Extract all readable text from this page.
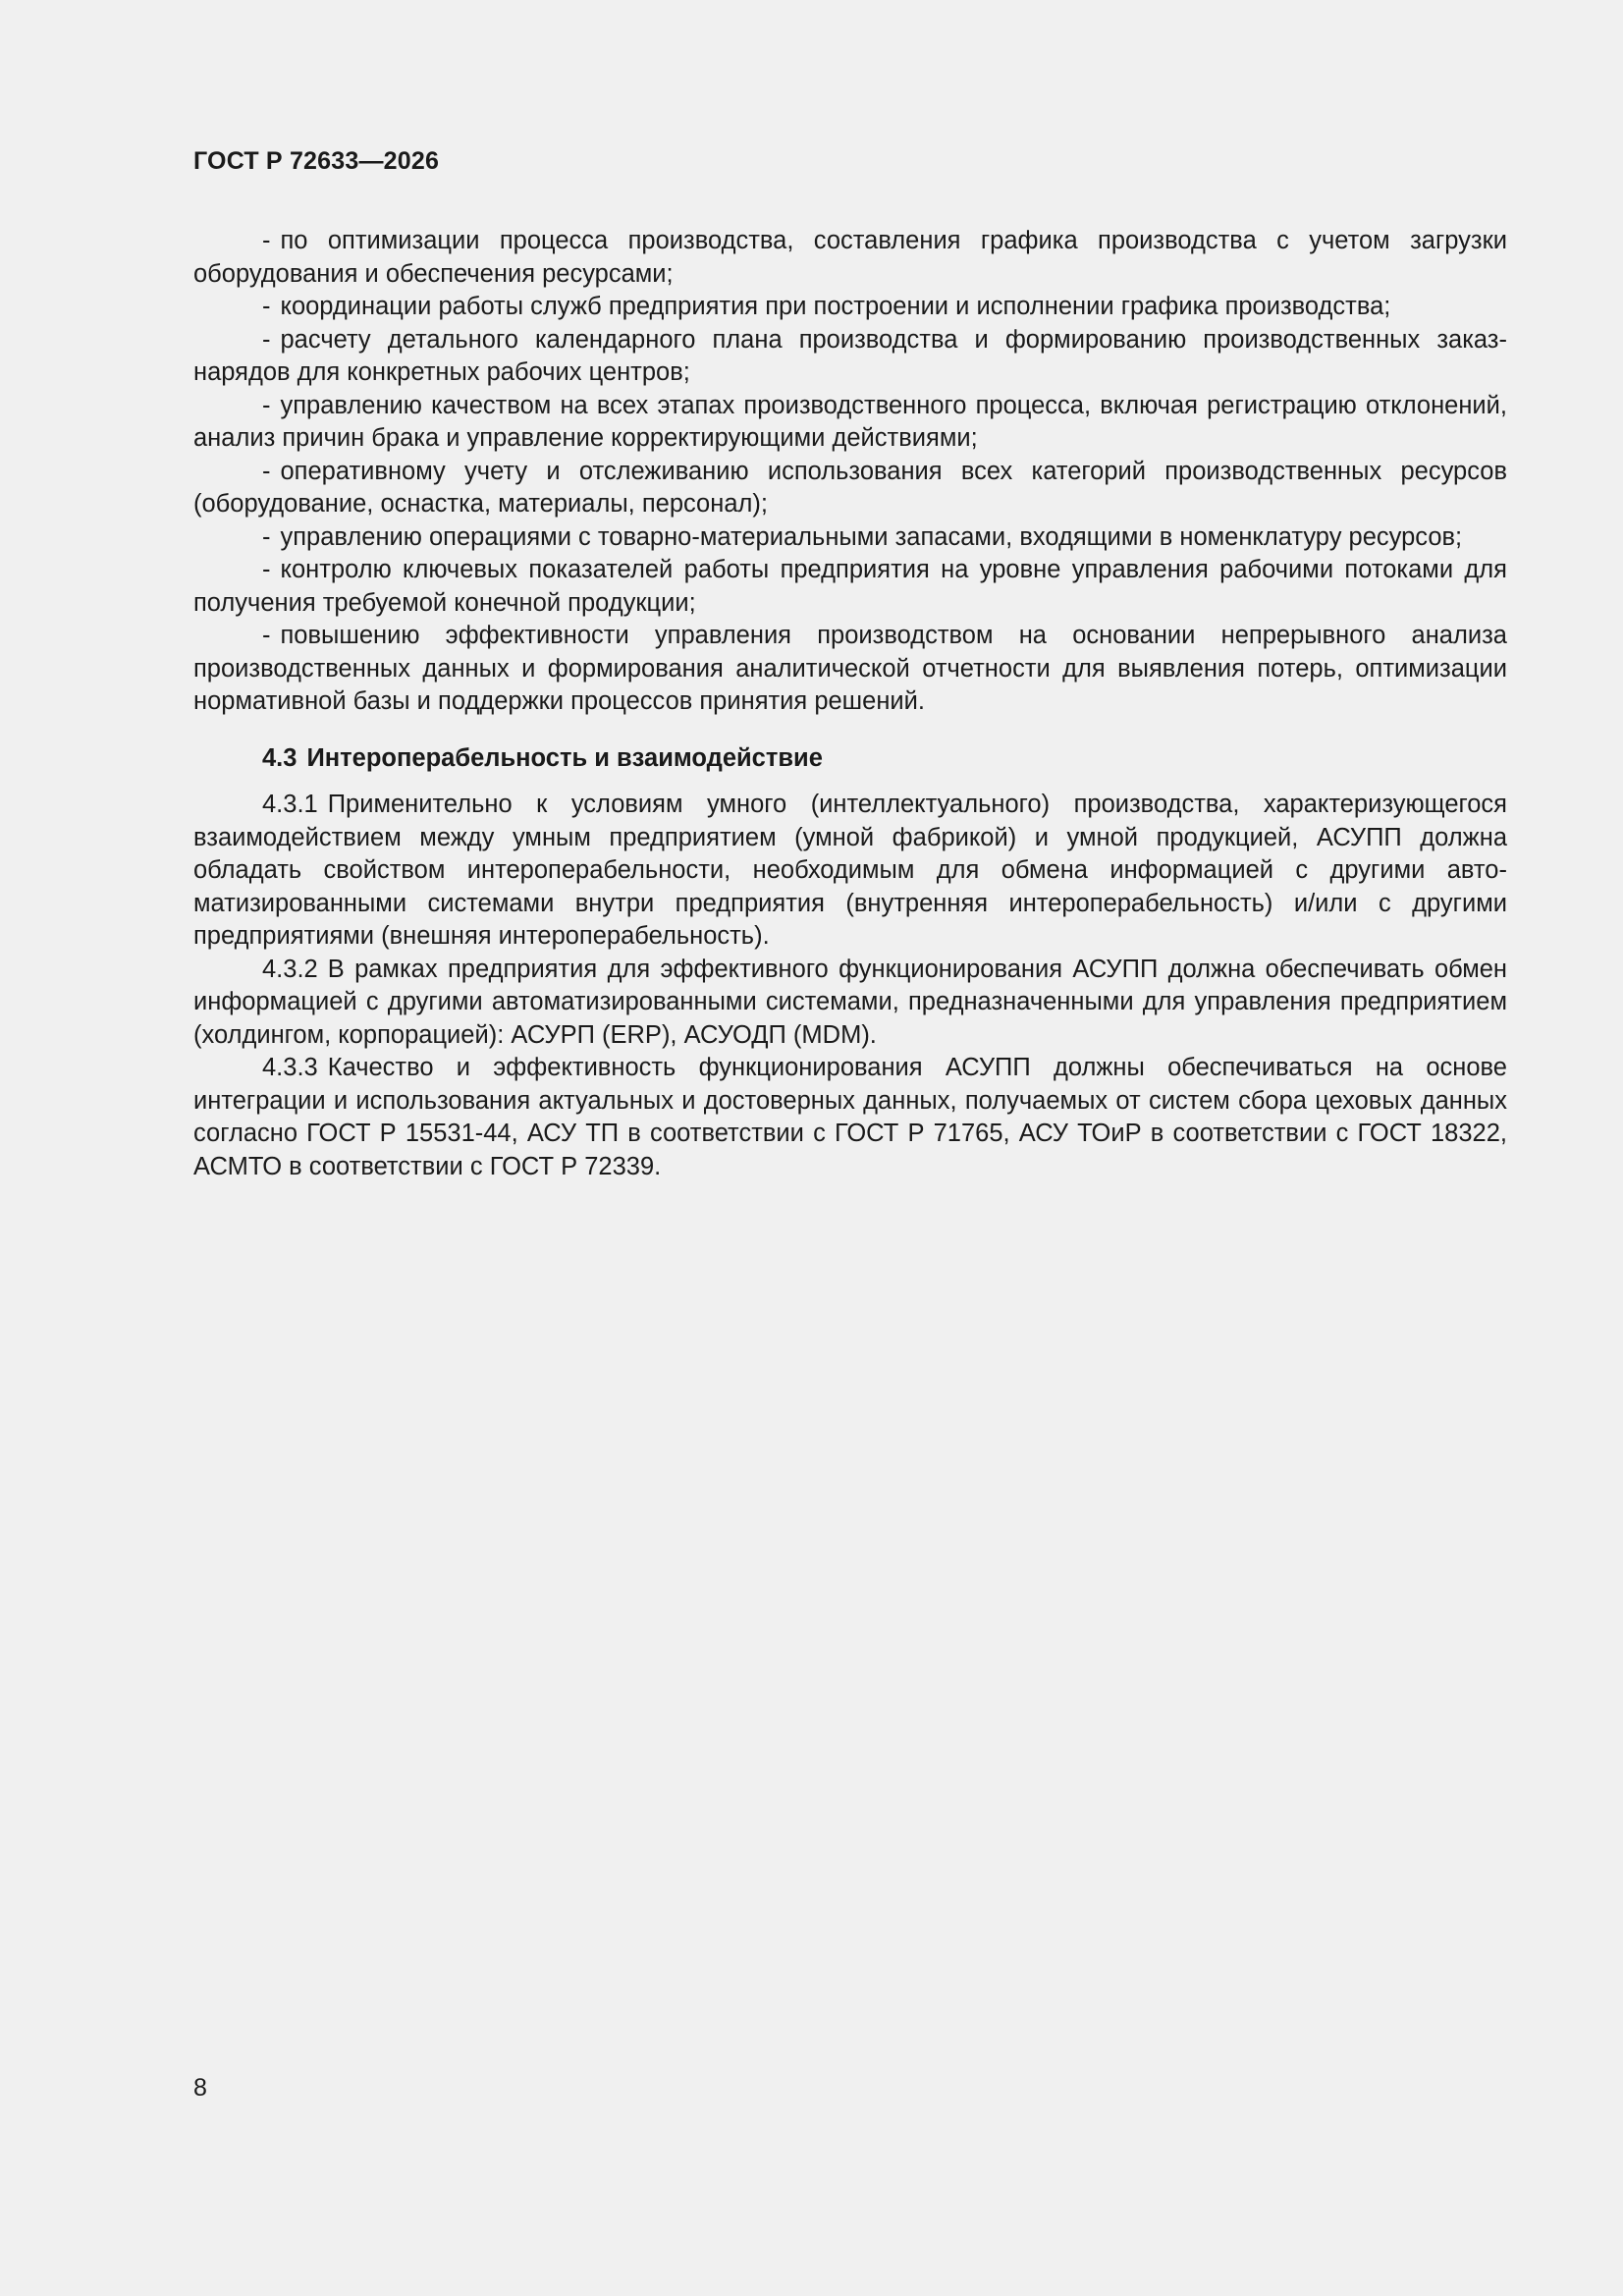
ГОСТ Р 72633—2026

- по оптимизации процесса производства, составления графика производства с учетом загрузки оборудования и обеспечения ресурсами;

- координации работы служб предприятия при построении и исполнении графика производства;

- расчету детального календарного плана производства и формированию производственных заказ-нарядов для конкретных рабочих центров;

- управлению качеством на всех этапах производственного процесса, включая регистрацию отклонений, анализ причин брака и управление корректирующими действиями;

- оперативному учету и отслеживанию использования всех категорий производственных ресурсов (оборудование, оснастка, материалы, персонал);

- управлению операциями с товарно-материальными запасами, входящими в номенклатуру ресурсов;

- контролю ключевых показателей работы предприятия на уровне управления рабочими потоками для получения требуемой конечной продукции;

- повышению эффективности управления производством на основании непрерывного анализа производственных данных и формирования аналитической отчетности для выявления потерь, оптимизации нормативной базы и поддержки процессов принятия решений.

4.3 Интероперабельность и взаимодействие

4.3.1 Применительно к условиям умного (интеллектуального) производства, характеризующегося взаимодействием между умным предприятием (умной фабрикой) и умной продукцией, АСУПП должна обладать свойством интероперабельности, необходимым для обмена информацией с другими автоматизированными системами внутри предприятия (внутренняя интероперабельность) и/или с другими предприятиями (внешняя интероперабельность).

4.3.2 В рамках предприятия для эффективного функционирования АСУПП должна обеспечивать обмен информацией с другими автоматизированными системами, предназначенными для управления предприятием (холдингом, корпорацией): АСУРП (ERP), АСУОДП (MDM).

4.3.3 Качество и эффективность функционирования АСУПП должны обеспечиваться на основе интеграции и использования актуальных и достоверных данных, получаемых от систем сбора цеховых данных согласно ГОСТ Р 15531-44, АСУ ТП в соответствии с ГОСТ Р 71765, АСУ ТОиР в соответствии с ГОСТ 18322, АСМТО в соответствии с ГОСТ Р 72339.

8
